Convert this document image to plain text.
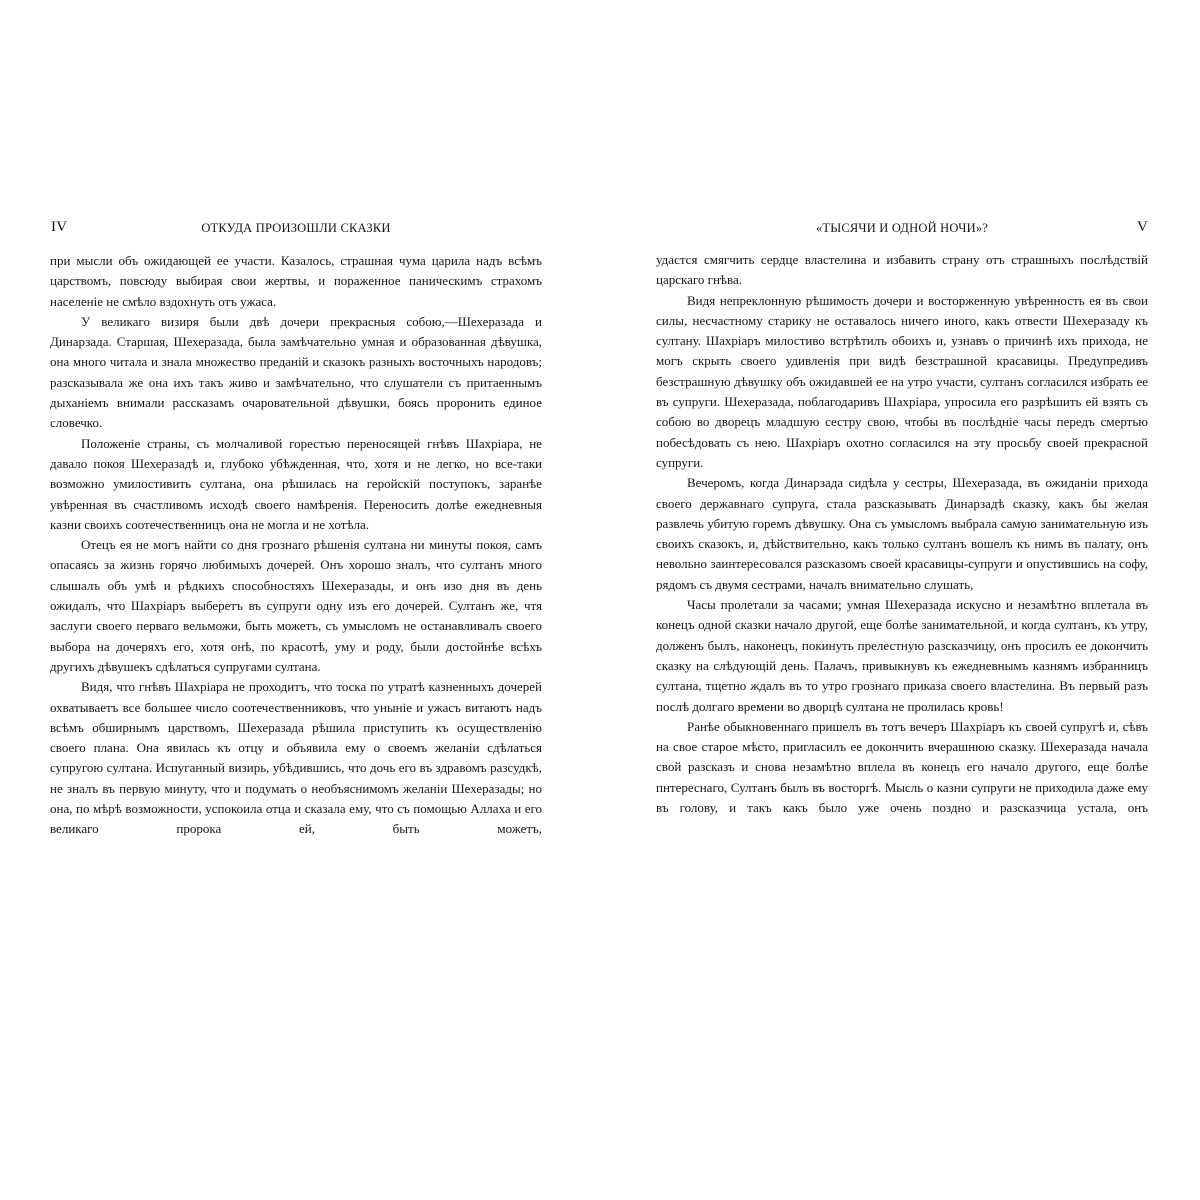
IV	ОТКУДА ПРОИЗОШЛИ СКАЗКИ

при мысли объ ожидающей ее участи. Казалось, страшная чума царила надъ всѣмъ царствомъ, повсюду выбирая свои жертвы, и пораженное паническимъ страхомъ населенiе не смѣло вздохнуть отъ ужаса.

У великаго визиря были двѣ дочери прекрасныя собою,—Шехеразада и Динарзада. Старшая, Шехеразада, была замѣчательно умная и образованная дѣвушка, она много читала и знала множество преданiй и сказокъ разныхъ восточныхъ народовъ; разсказывала же она ихъ такъ живо и замѣчательно, что слушатели съ притаеннымъ дыханiемъ внимали рассказамъ очаровательной дѣвушки, боясь проронить единое словечко.

Положенiе страны, съ молчаливой горестью переносящей гнѣвъ Шахрiара, не давало покоя Шехеразадѣ и, глубоко убѣжденная, что, хотя и не легко, но все-таки возможно умилостивить султана, она рѣшилась на геройскiй поступокъ, заранѣе увѣренная въ счастливомъ исходѣ своего намѣренiя. Переносить долѣе ежедневныя казни своихъ соотечественницъ она не могла и не хотѣла.

Отецъ ея не могъ найти со дня грознаго рѣшенiя султана ни минуты покоя, самъ опасаясь за жизнь горячо любимыхъ дочерей. Онъ хорошо зналъ, что султанъ много слышалъ объ умѣ и рѣдкихъ способностяхъ Шехеразады, и онъ изо дня въ день ожидалъ, что Шахрiаръ выберетъ въ супруги одну изъ его дочерей. Султанъ же, чтя заслуги своего перваго вельможи, быть можетъ, съ умысломъ не останавливалъ своего выбора на дочеряхъ его, хотя онѣ, по красотѣ, уму и роду, были достойнѣе всѣхъ другихъ дѣвушекъ сдѣлаться супругами султана.

Видя, что гнѣвъ Шахрiара не проходитъ, что тоска по утратѣ казненныхъ дочерей охватываетъ все большее число соотечественниковъ, что унынiе и ужасъ витаютъ надъ всѣмъ обширнымъ царствомъ, Шехеразада рѣшила приступить къ осуществленiю своего плана. Она явилась къ отцу и объявила ему о своемъ желанiи сдѣлаться супругою султана. Испуганный визирь, убѣдившись, что дочь его въ здравомъ разсудкѣ, не зналъ въ первую минуту, что и подумать о необъяснимомъ желанiи Шехеразады; но она, по мѣрѣ возможности, успокоила отца и сказала ему, что съ помощью Аллаха и его великаго пророка ей, быть можетъ,

«ТЫСЯЧИ И ОДНОЙ НОЧИ»?	V

удастся смягчить сердце властелина и избавить страну отъ страшныхъ послѣдствiй царскаго гнѣва.

Видя непреклонную рѣшимость дочери и восторженную увѣренность ея въ свои силы, несчастному старику не оставалось ничего иного, какъ отвести Шехеразаду къ султану. Шахрiаръ милостиво встрѣтилъ обоихъ и, узнавъ о причинѣ ихъ прихода, не могъ скрыть своего удивленiя при видѣ безстрашной красавицы. Предупредивъ безстрашную дѣвушку объ ожидавшей ее на утро участи, султанъ согласился избрать ее въ супруги. Шехеразада, поблагодаривъ Шахрiара, упросила его разрѣшить ей взять съ собою во дворецъ младшую сестру свою, чтобы въ послѣднiе часы передъ смертью побесѣдовать съ нею. Шахрiаръ охотно согласился на эту просьбу своей прекрасной супруги.

Вечеромъ, когда Динарзада сидѣла у сестры, Шехеразада, въ ожиданiи прихода своего державнаго супруга, стала разсказывать Динарзадѣ сказку, какъ бы желая развлечь убитую горемъ дѣвушку. Она съ умысломъ выбрала самую занимательную изъ своихъ сказокъ, и, дѣйствительно, какъ только султанъ вошелъ къ нимъ въ палату, онъ невольно заинтересовался разсказомъ своей красавицы-супруги и опустившись на софу, рядомъ съ двумя сестрами, началъ внимательно слушать,

Часы пролетали за часами; умная Шехеразада искусно и незамѣтно вплетала въ конецъ одной сказки начало другой, еще болѣе занимательной, и когда султанъ, къ утру, долженъ былъ, наконецъ, покинуть прелестную разсказчицу, онъ просилъ ее докончить сказку на слѣдующiй день. Палачъ, привыкнувъ къ ежедневнымъ казнямъ избранницъ султана, тщетно ждалъ въ то утро грознаго приказа своего властелина. Въ первый разъ послѣ долгаго времени во дворцѣ султана не пролилась кровь!

Ранѣе обыкновеннаго пришелъ въ тотъ вечеръ Шахрiаръ къ своей супругѣ и, сѣвъ на свое старое мѣсто, пригласилъ ее докончить вчерашнюю сказку. Шехеразада начала свой разсказъ и снова незамѣтно вплела въ конецъ его начало другого, еще болѣе пнтереснаго, Султанъ былъ въ восторгѣ. Мысль о казни супруги не приходила даже ему въ голову, и такъ какъ было уже очень поздно и разсказчица устала, онъ
